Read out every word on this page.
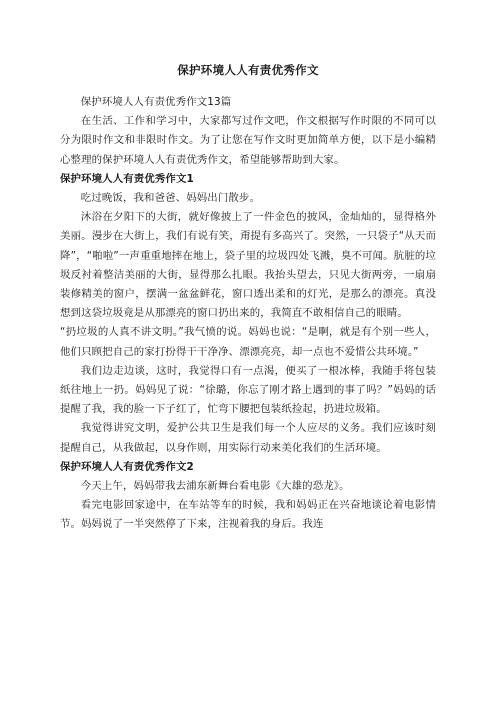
保护环境人人有责优秀作文
保护环境人人有责优秀作文13篇
在生活、工作和学习中，大家都写过作文吧，作文根据写作时限的不同可以分为限时作文和非限时作文。为了让您在写作文时更加简单方便，以下是小编精心整理的保护环境人人有责优秀作文，希望能够帮助到大家。
保护环境人人有责优秀作文1
吃过晚饭，我和爸爸、妈妈出门散步。
沐浴在夕阳下的大街，就好像披上了一件金色的披风，金灿灿的，显得格外美丽。漫步在大街上，我们有说有笑，甭提有多高兴了。突然，一只袋子“从天而降”，“啪啦”一声重重地摔在地上，袋子里的垃圾四处飞溅，臭不可闻。肮脏的垃圾反衬着整洁美丽的大街，显得那么扎眼。我抬头望去，只见大街两旁，一扇扇装修精美的窗户，摆满一盆盆鲜花，窗口透出柔和的灯光，是那么的漂亮。真没想到这袋垃圾竟是从那漂亮的窗口扔出来的，我简直不敢相信自己的眼睛。
“扔垃圾的人真不讲文明。”我气愤的说。妈妈也说：“是啊，就是有个别一些人，他们只顾把自己的家打扮得干干净净、漂漂亮亮，却一点也不爱惜公共环境。”
我们边走边谈，这时，我觉得口有一点渴，便买了一根冰棒，我随手将包装纸往地上一扔。妈妈见了说：“徐璐，你忘了刚才路上遇到的事了吗？”妈妈的话提醒了我，我的脸一下子红了，忙弯下腰把包装纸捡起，扔进垃圾箱。
我觉得讲究文明，爱护公共卫生是我们每一个人应尽的义务。我们应该时刻提醒自己，从我做起，以身作则，用实际行动来美化我们的生活环境。
保护环境人人有责优秀作文2
今天上午，妈妈带我去浦东新舞台看电影《大雄的恐龙》。
看完电影回家途中，在车站等车的时候，我和妈妈正在兴奋地谈论着电影情节。妈妈说了一半突然停了下来，注视着我的身后。我连
